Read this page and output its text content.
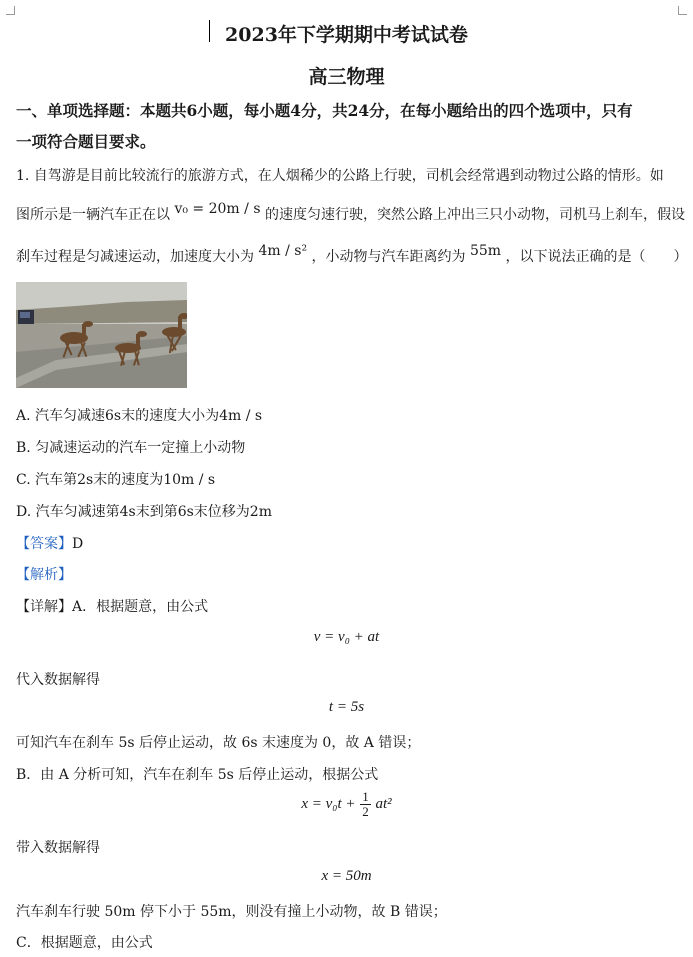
2023年下学期期中考试试卷
高三物理
一、单项选择题：本题共6小题，每小题4分，共24分，在每小题给出的四个选项中，只有
一项符合题目要求。
1. 自驾游是目前比较流行的旅游方式，在人烟稀少的公路上行驶，司机会经常遇到动物过公路的情形。如
图所示是一辆汽车正在以 v₀ = 20m / s 的速度匀速行驶，突然公路上冲出三只小动物，司机马上刹车，假设
刹车过程是匀减速运动，加速度大小为 4m / s² ，小动物与汽车距离约为 55m ，以下说法正确的是（　　）
A. 汽车匀减速6s末的速度大小为4m / s
B. 匀减速运动的汽车一定撞上小动物
C. 汽车第2s末的速度为10m / s
D. 汽车匀减速第4s末到第6s末位移为2m
【答案】D
【解析】
【详解】A．根据题意，由公式
v = v₀ + at
代入数据解得
t = 5s
可知汽车在刹车 5s 后停止运动，故 6s 末速度为 0，故 A 错误；
B．由 A 分析可知，汽车在刹车 5s 后停止运动，根据公式
$x = v_0t + \frac{1}{2} at^2$
带入数据解得
x = 50m
汽车刹车行驶 50m 停下小于 55m，则没有撞上小动物，故 B 错误；
C．根据题意，由公式
